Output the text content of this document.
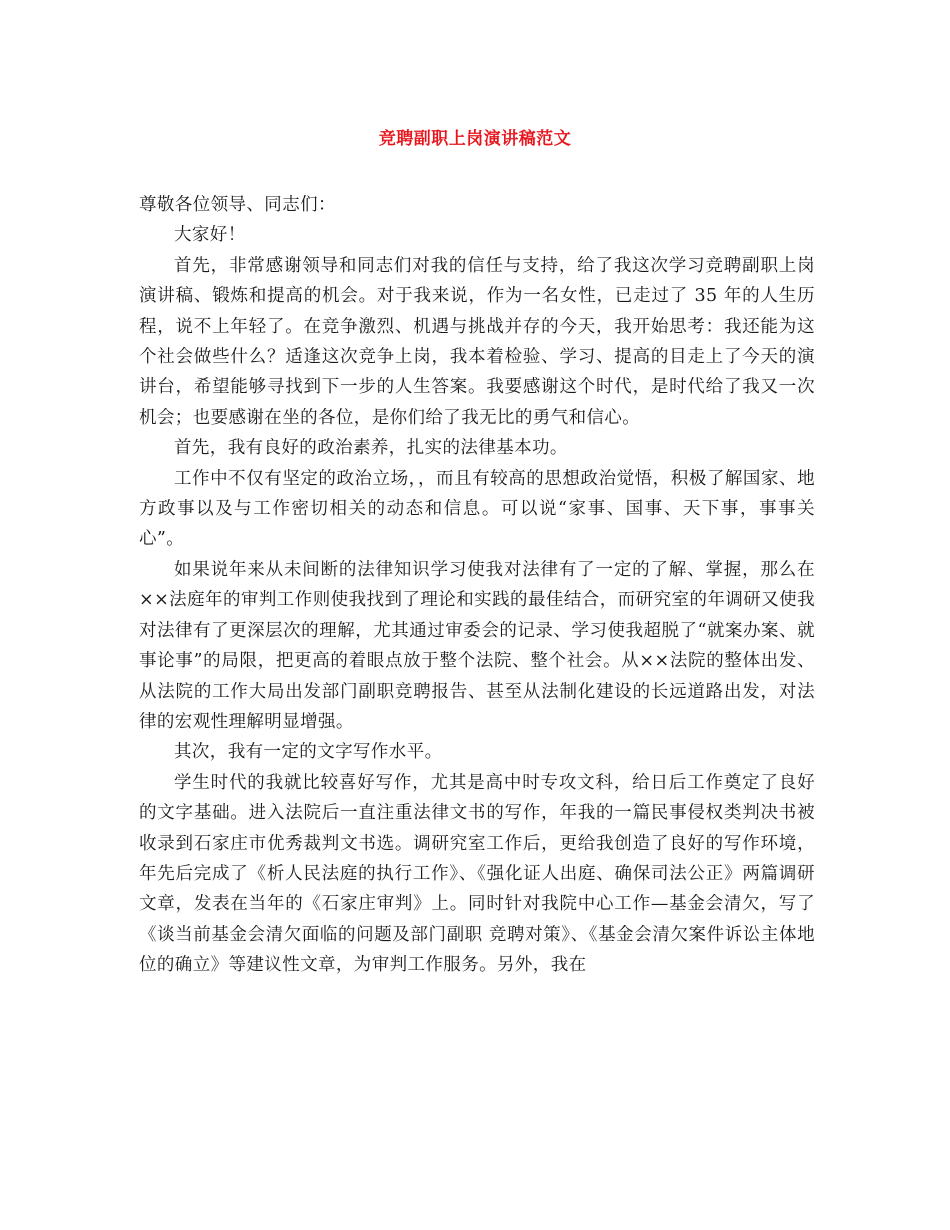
竞聘副职上岗演讲稿范文

尊敬各位领导、同志们：

大家好！

首先，非常感谢领导和同志们对我的信任与支持，给了我这次学习竞聘副职上岗演讲稿、锻炼和提高的机会。对于我来说，作为一名女性，已走过了 35 年的人生历程，说不上年轻了。在竞争激烈、机遇与挑战并存的今天，我开始思考：我还能为这个社会做些什么？适逢这次竞争上岗，我本着检验、学习、提高的目走上了今天的演讲台，希望能够寻找到下一步的人生答案。我要感谢这个时代，是时代给了我又一次机会；也要感谢在坐的各位，是你们给了我无比的勇气和信心。

首先，我有良好的政治素养，扎实的法律基本功。

工作中不仅有坚定的政治立场，，而且有较高的思想政治觉悟，积极了解国家、地方政事以及与工作密切相关的动态和信息。可以说“家事、国事、天下事，事事关心”。

如果说年来从未间断的法律知识学习使我对法律有了一定的了解、掌握，那么在××法庭年的审判工作则使我找到了理论和实践的最佳结合，而研究室的年调研又使我对法律有了更深层次的理解，尤其通过审委会的记录、学习使我超脱了“就案办案、就事论事”的局限，把更高的着眼点放于整个法院、整个社会。从××法院的整体出发、从法院的工作大局出发部门副职竞聘报告、甚至从法制化建设的长远道路出发，对法律的宏观性理解明显增强。

其次，我有一定的文字写作水平。

学生时代的我就比较喜好写作，尤其是高中时专攻文科，给日后工作奠定了良好的文字基础。进入法院后一直注重法律文书的写作，年我的一篇民事侵权类判决书被收录到石家庄市优秀裁判文书选。调研究室工作后，更给我创造了良好的写作环境，年先后完成了《析人民法庭的执行工作》、《强化证人出庭、确保司法公正》两篇调研文章，发表在当年的《石家庄审判》上。同时针对我院中心工作—基金会清欠，写了《谈当前基金会清欠面临的问题及部门副职 竞聘对策》、《基金会清欠案件诉讼主体地位的确立》等建议性文章，为审判工作服务。另外，我在
